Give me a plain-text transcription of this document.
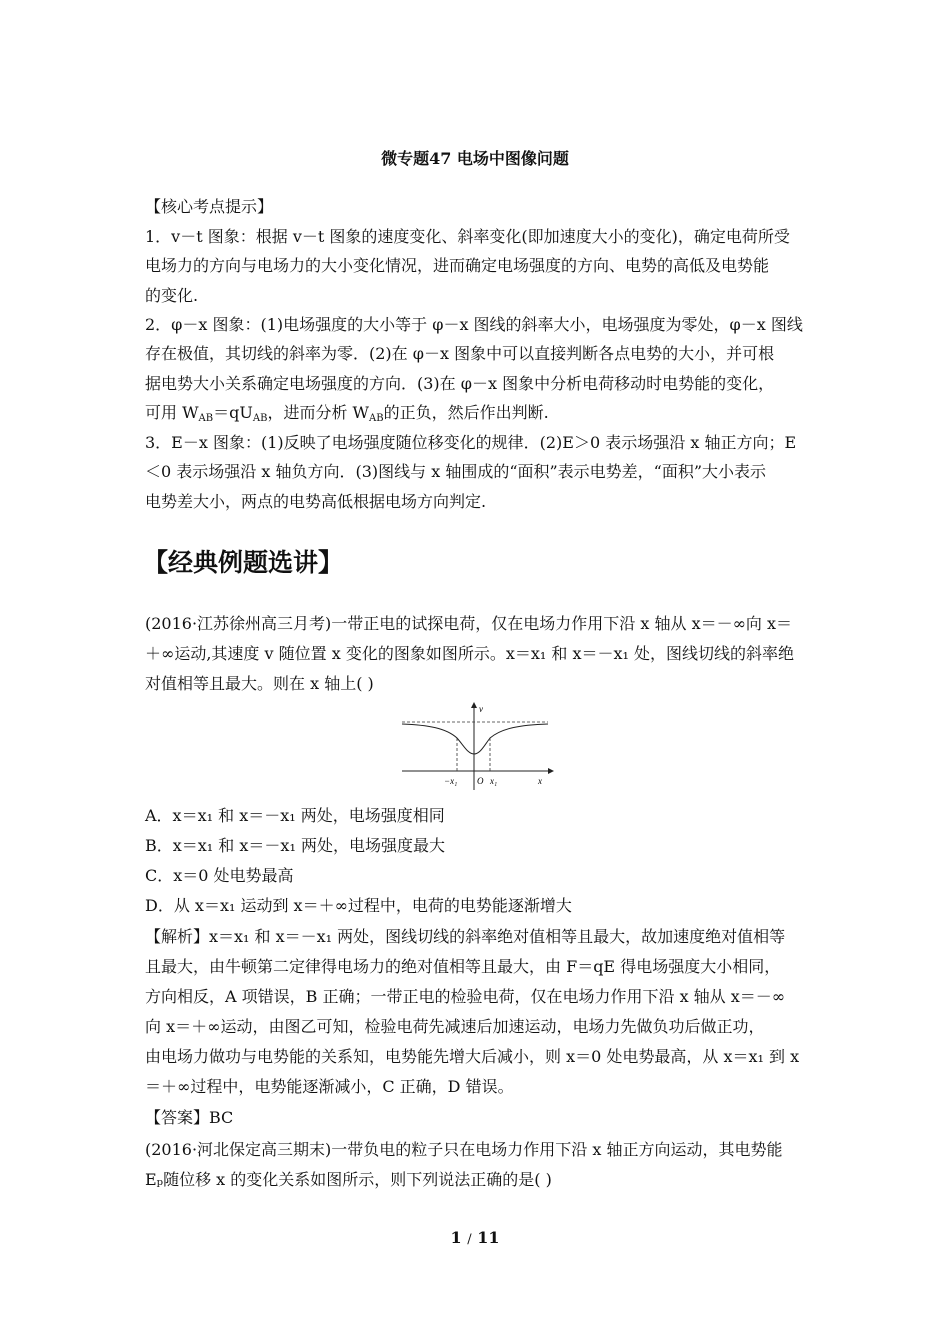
微专题47 电场中图像问题
【核心考点提示】
1．v－t 图象：根据 v－t 图象的速度变化、斜率变化(即加速度大小的变化)，确定电荷所受
电场力的方向与电场力的大小变化情况，进而确定电场强度的方向、电势的高低及电势能
的变化.
2．φ－x 图象：(1)电场强度的大小等于 φ－x 图线的斜率大小，电场强度为零处，φ－x 图线
存在极值，其切线的斜率为零．(2)在 φ－x 图象中可以直接判断各点电势的大小，并可根
据电势大小关系确定电场强度的方向．(3)在 φ－x 图象中分析电荷移动时电势能的变化，
可用 $W_{AB}=qU_{AB}$，进而分析 $W_{AB}$的正负，然后作出判断.
3．E－x 图象：(1)反映了电场强度随位移变化的规律．(2)E＞0 表示场强沿 x 轴正方向；E
＜0 表示场强沿 x 轴负方向．(3)图线与 x 轴围成的“面积”表示电势差，“面积”大小表示
电势差大小，两点的电势高低根据电场方向判定.
【经典例题选讲】
(2016·江苏徐州高三月考)一带正电的试探电荷，仅在电场力作用下沿 x 轴从 x＝－∞向 x＝
＋∞运动,其速度 v 随位置 x 变化的图象如图所示。x＝x₁ 和 x＝－x₁ 处，图线切线的斜率绝
对值相等且最大。则在 x 轴上( )
v
x
−x₁ O x₁
A．x＝x₁ 和 x＝－x₁ 两处，电场强度相同
B．x＝x₁ 和 x＝－x₁ 两处，电场强度最大
C．x＝0 处电势最高
D．从 x＝x₁ 运动到 x＝＋∞过程中，电荷的电势能逐渐增大
【解析】x＝x₁ 和 x＝－x₁ 两处，图线切线的斜率绝对值相等且最大，故加速度绝对值相等
且最大，由牛顿第二定律得电场力的绝对值相等且最大，由 F＝qE 得电场强度大小相同，
方向相反，A 项错误，B 正确；一带正电的检验电荷，仅在电场力作用下沿 x 轴从 x＝－∞
向 x＝＋∞运动，由图乙可知，检验电荷先减速后加速运动，电场力先做负功后做正功，
由电场力做功与电势能的关系知，电势能先增大后减小，则 x＝0 处电势最高，从 x＝x₁ 到 x
＝＋∞过程中，电势能逐渐减小，C 正确，D 错误。
【答案】BC
(2016·河北保定高三期末)一带负电的粒子只在电场力作用下沿 x 轴正方向运动，其电势能
Eₚ随位移 x 的变化关系如图所示，则下列说法正确的是( )
1 / 11
